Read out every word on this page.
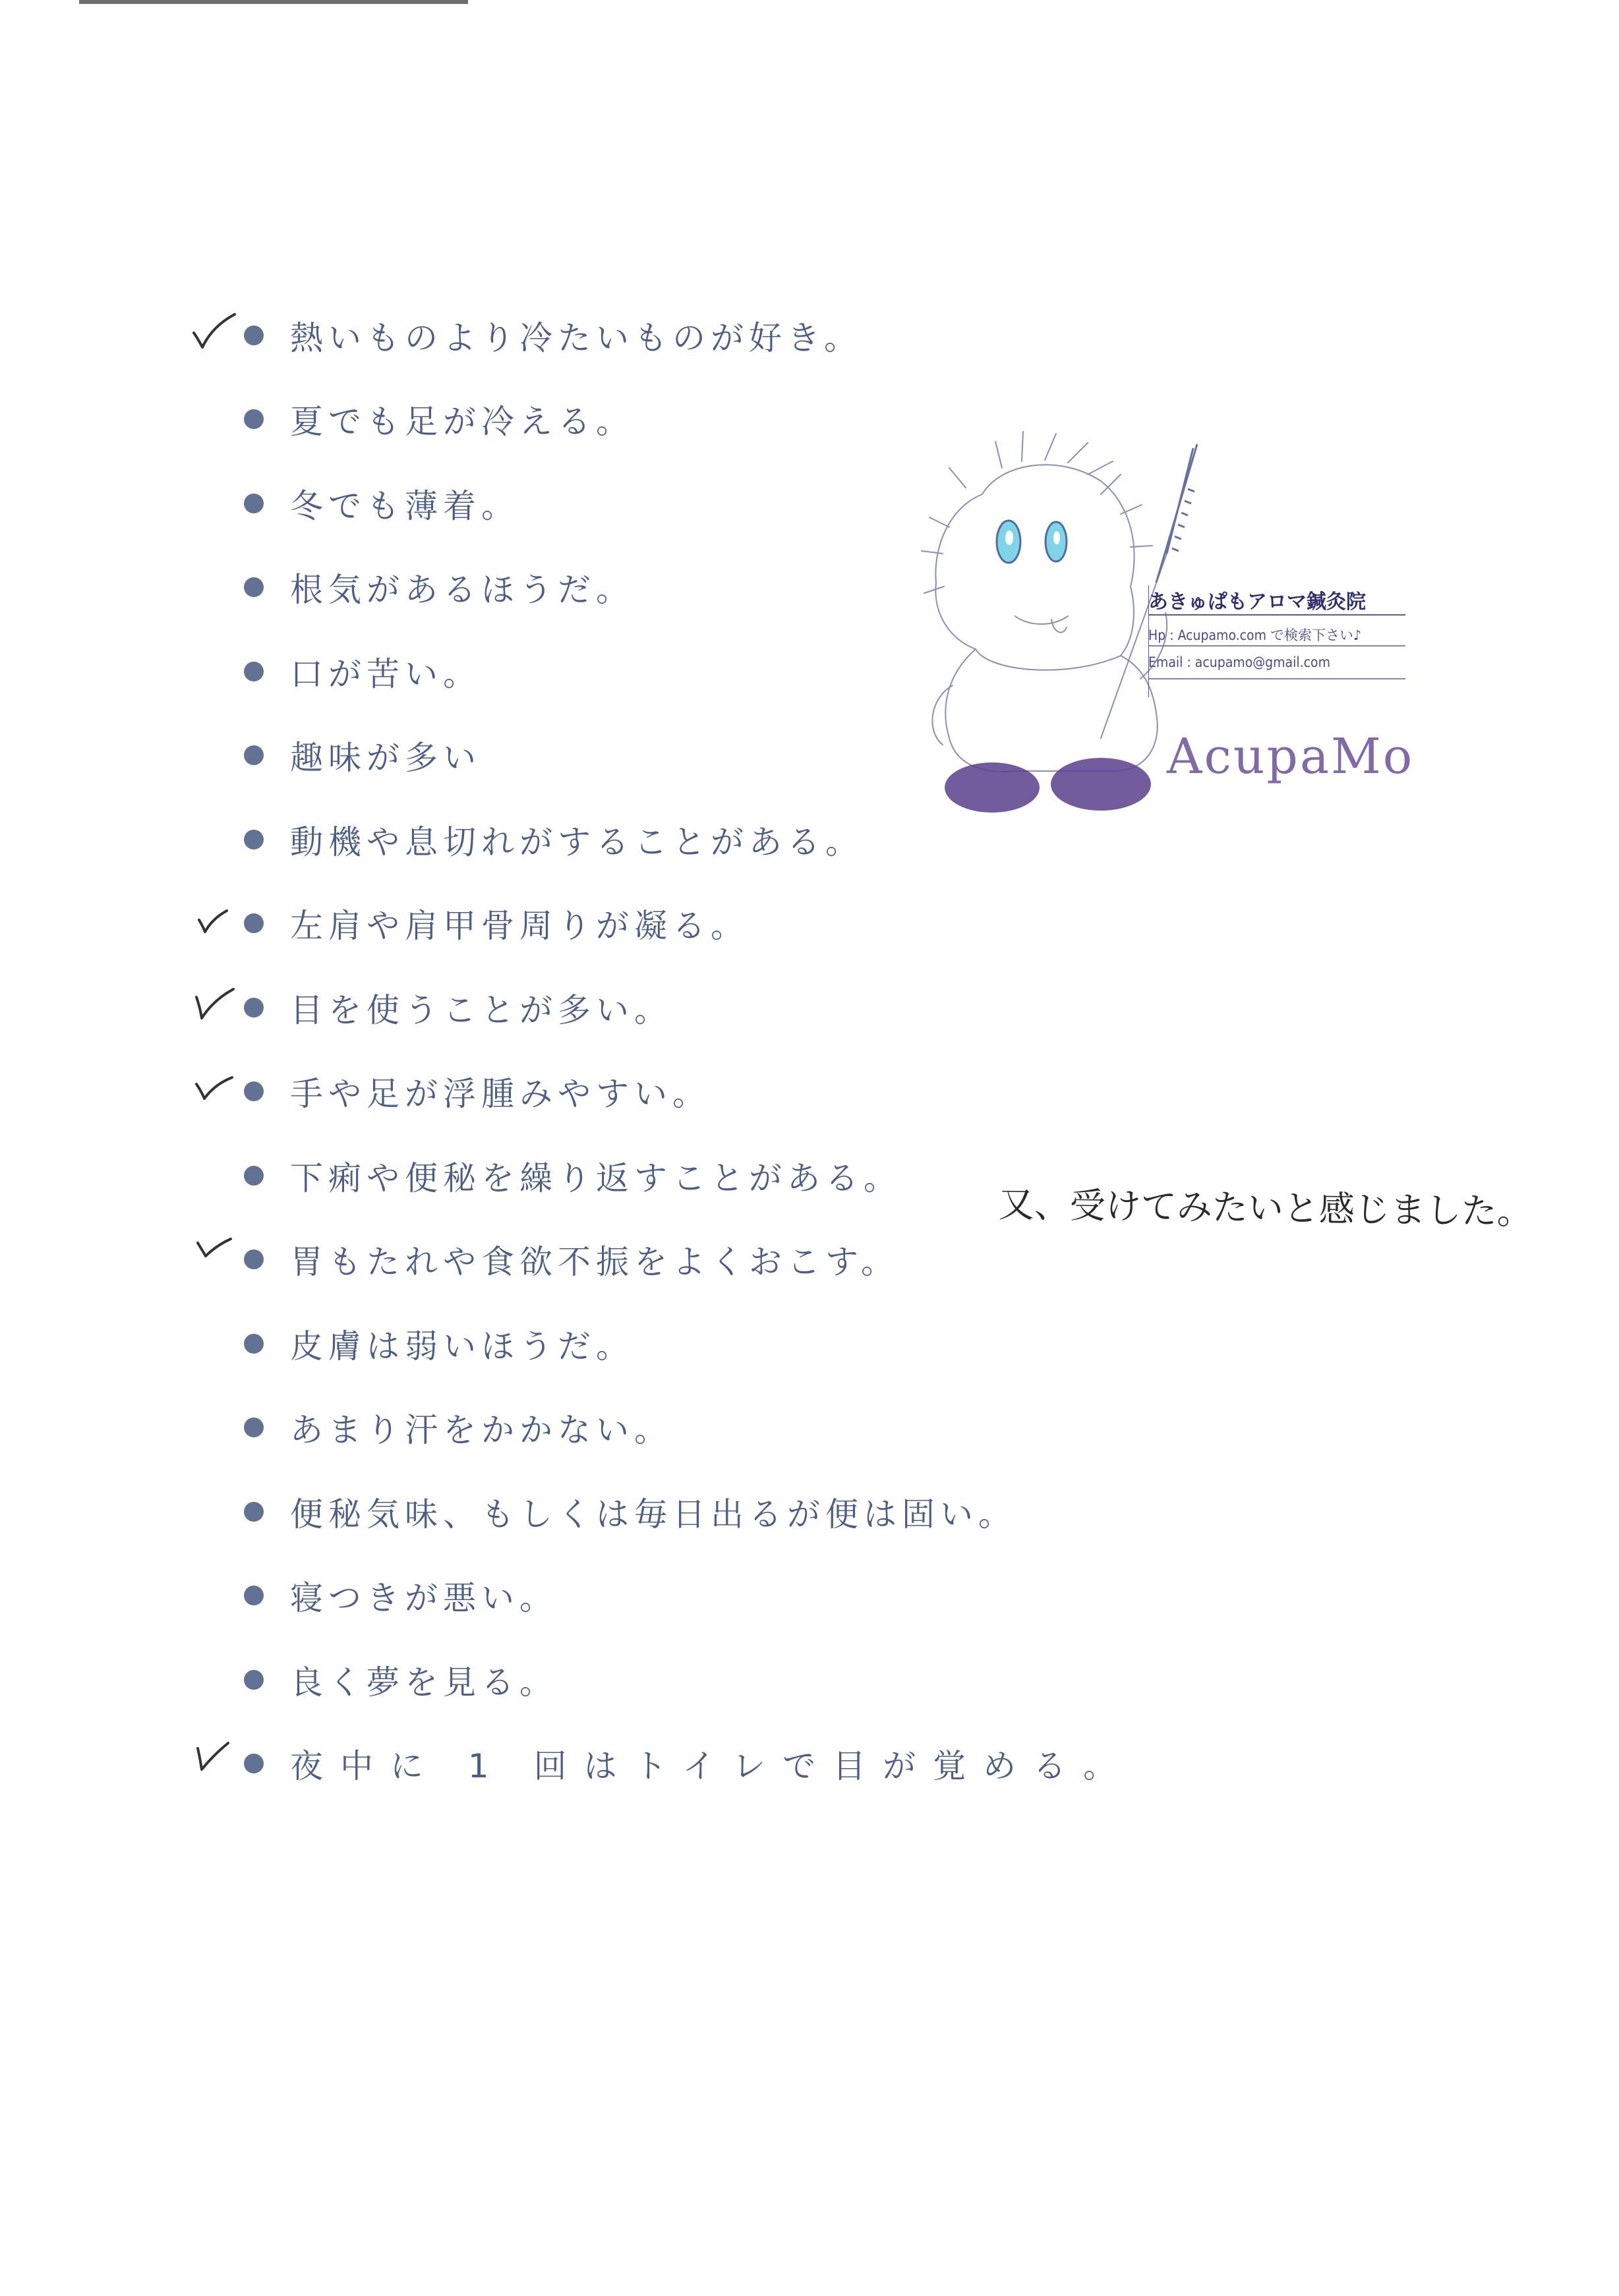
熱いものより冷たいものが好き。
夏でも足が冷える。
冬でも薄着。
根気があるほうだ。
口が苦い。
趣味が多い
動機や息切れがすることがある。
左肩や肩甲骨周りが凝る。
目を使うことが多い。
手や足が浮腫みやすい。
下痢や便秘を繰り返すことがある。
胃もたれや食欲不振をよくおこす。
皮膚は弱いほうだ。
あまり汗をかかない。
便秘気味、もしくは毎日出るが便は固い。
寝つきが悪い。
良く夢を見る。
夜中に 1 回はトイレで目が覚める。
あきゅぱもアロマ鍼灸院
Hp : Acupamo.com で検索下さい♪
Email : acupamo@gmail.com
AcupaMo
又、受けてみたいと感じました。
